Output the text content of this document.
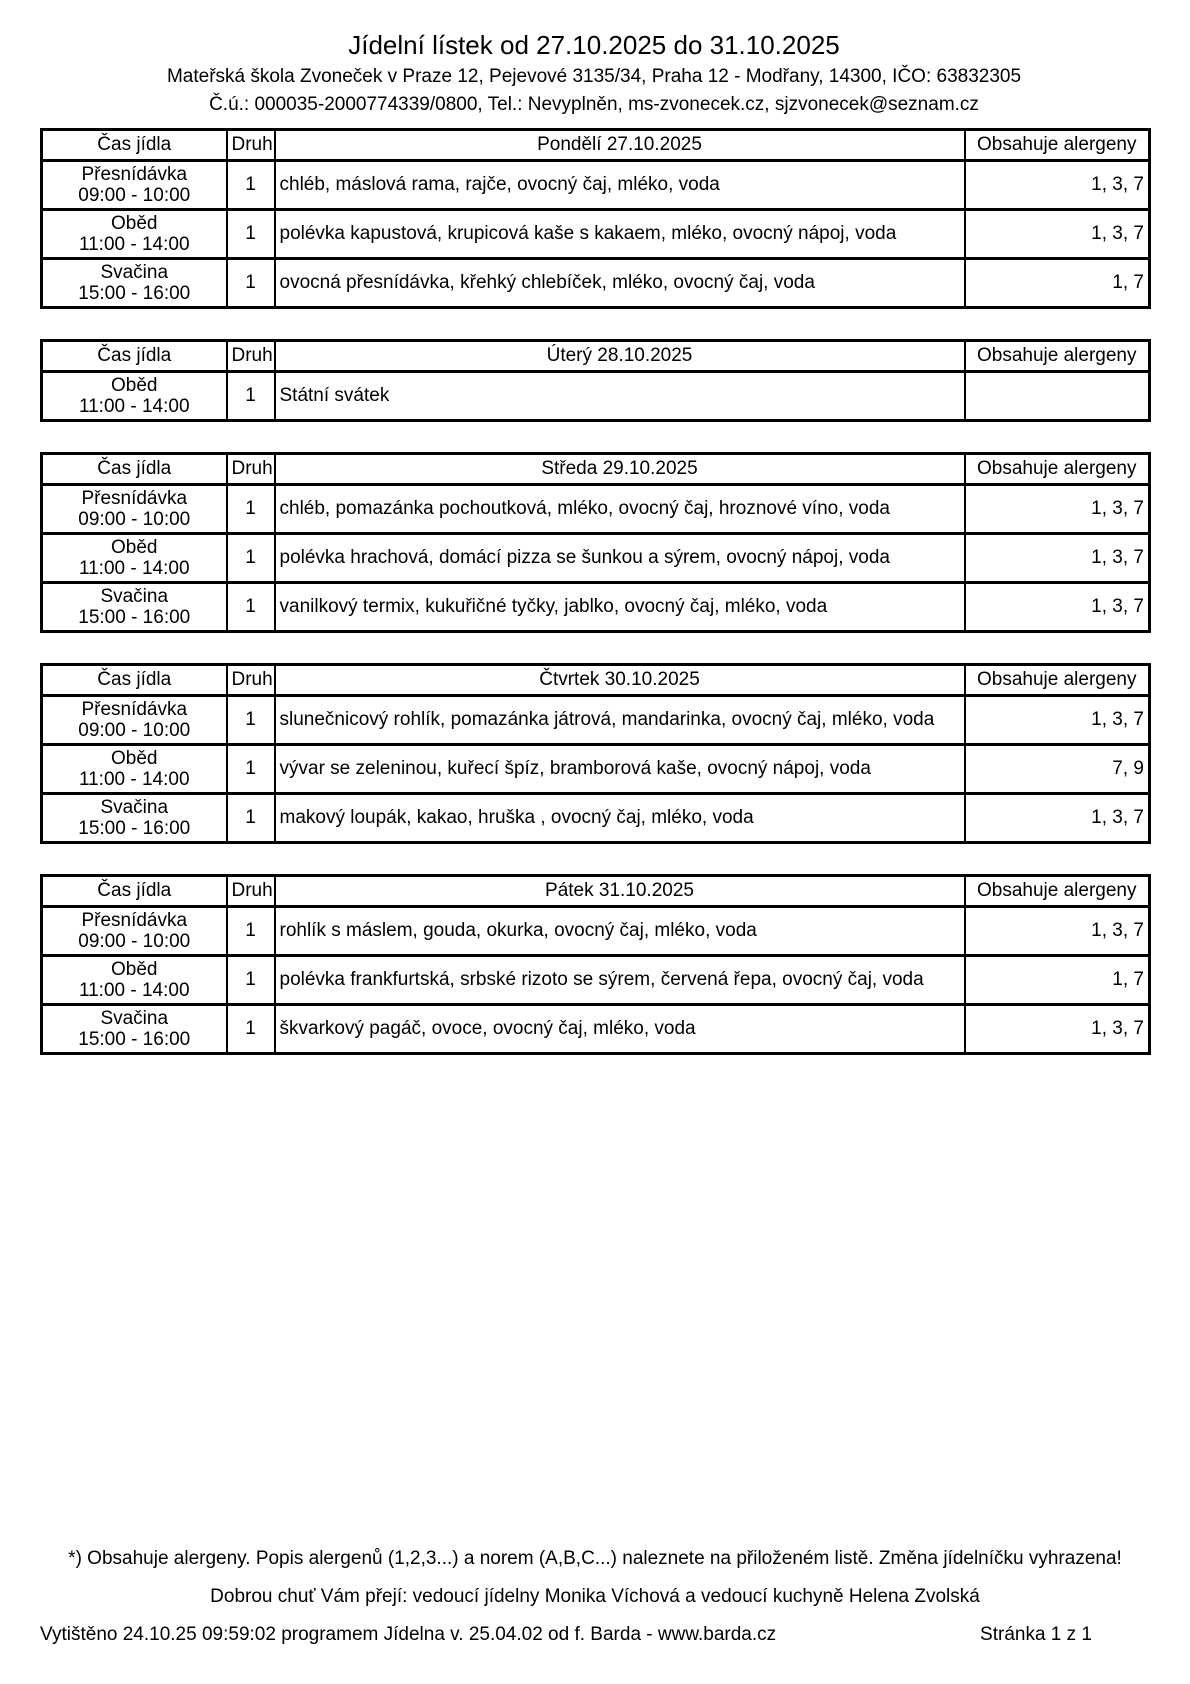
Jídelní lístek od 27.10.2025 do 31.10.2025
Mateřská škola Zvoneček v Praze 12, Pejevové 3135/34, Praha 12 - Modřany, 14300, IČO: 63832305
Č.ú.: 000035-2000774339/0800, Tel.: Nevyplněn, ms-zvonecek.cz, sjzvonecek@seznam.cz
Čas jídla	Druh	Pondělí 27.10.2025	Obsahuje alergeny

Přesnídávka
09:00 - 10:00	1	chléb, máslová rama, rajče, ovocný čaj, mléko, voda	1, 3, 7

Oběd
11:00 - 14:00	1	polévka kapustová, krupicová kaše s kakaem, mléko, ovocný nápoj, voda	1, 3, 7

Svačina
15:00 - 16:00	1	ovocná přesnídávka, křehký chlebíček, mléko, ovocný čaj, voda	1, 7
Čas jídla	Druh	Úterý 28.10.2025	Obsahuje alergeny

Oběd
11:00 - 14:00	1	Státní svátek	
Čas jídla	Druh	Středa 29.10.2025	Obsahuje alergeny

Přesnídávka
09:00 - 10:00	1	chléb, pomazánka pochoutková, mléko, ovocný čaj, hroznové víno, voda	1, 3, 7

Oběd
11:00 - 14:00	1	polévka hrachová, domácí pizza se šunkou a sýrem, ovocný nápoj, voda	1, 3, 7

Svačina
15:00 - 16:00	1	vanilkový termix, kukuřičné tyčky, jablko, ovocný čaj, mléko, voda	1, 3, 7
Čas jídla	Druh	Čtvrtek 30.10.2025	Obsahuje alergeny

Přesnídávka
09:00 - 10:00	1	slunečnicový rohlík, pomazánka játrová, mandarinka, ovocný čaj, mléko, voda	1, 3, 7

Oběd
11:00 - 14:00	1	vývar se zeleninou, kuřecí špíz, bramborová kaše, ovocný nápoj, voda	7, 9

Svačina
15:00 - 16:00	1	makový loupák, kakao, hruška , ovocný čaj, mléko, voda	1, 3, 7
Čas jídla	Druh	Pátek 31.10.2025	Obsahuje alergeny

Přesnídávka
09:00 - 10:00	1	rohlík s máslem, gouda, okurka, ovocný čaj, mléko, voda	1, 3, 7

Oběd
11:00 - 14:00	1	polévka frankfurtská, srbské rizoto se sýrem, červená řepa, ovocný čaj, voda	1, 7

Svačina
15:00 - 16:00	1	škvarkový pagáč, ovoce, ovocný čaj, mléko, voda	1, 3, 7
*) Obsahuje alergeny. Popis alergenů (1,2,3...) a norem (A,B,C...) naleznete na přiloženém listě. Změna jídelníčku vyhrazena!
Dobrou chuť Vám přejí: vedoucí jídelny Monika Víchová a vedoucí kuchyně Helena Zvolská
Vytištěno 24.10.25 09:59:02 programem Jídelna v. 25.04.02 od f. Barda - www.barda.cz	Stránka 1 z 1
